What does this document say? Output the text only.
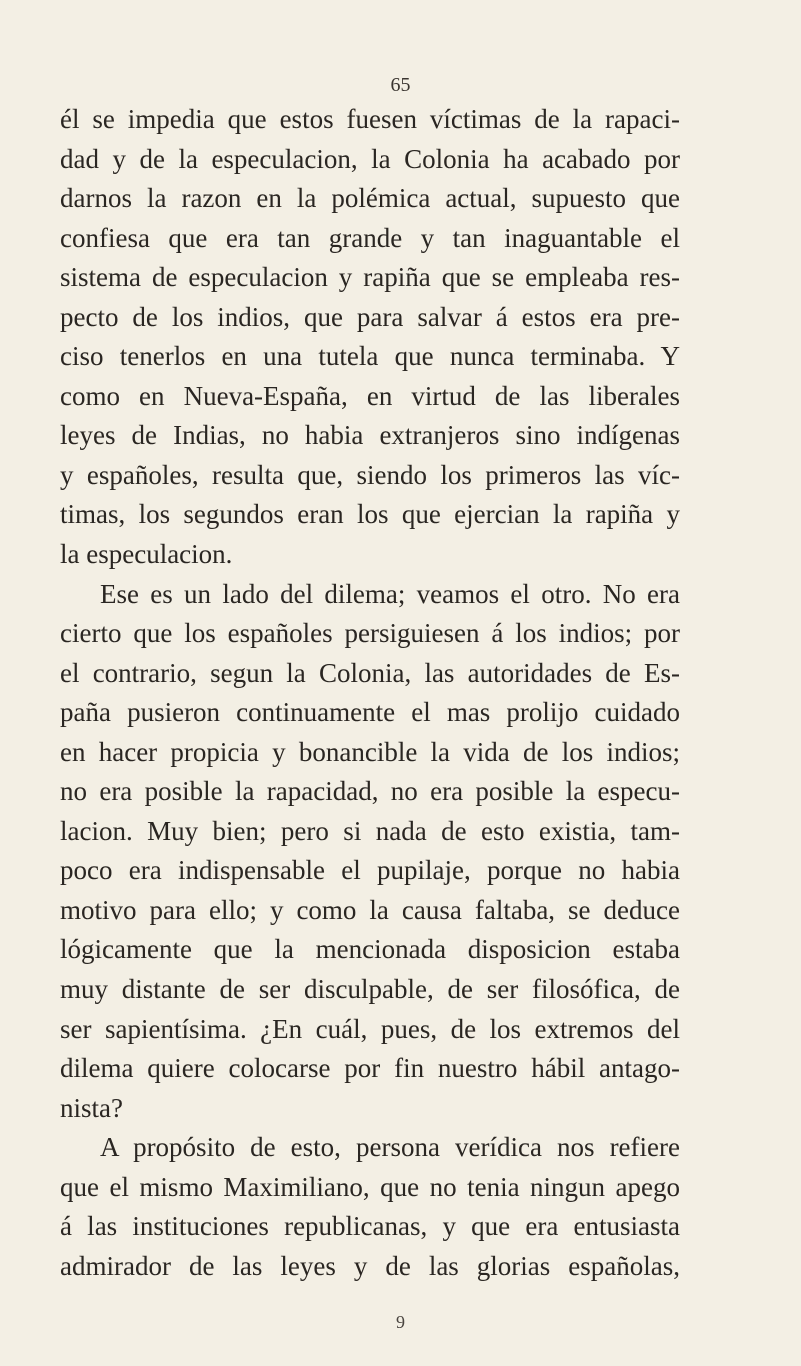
65
él se impedia que estos fuesen víctimas de la rapaci-
dad y de la especulacion, la Colonia ha acabado por
darnos la razon en la polémica actual, supuesto que
confiesa que era tan grande y tan inaguantable el
sistema de especulacion y rapiña que se empleaba res-
pecto de los indios, que para salvar á estos era pre-
ciso tenerlos en una tutela que nunca terminaba. Y
como en Nueva-España, en virtud de las liberales
leyes de Indias, no habia extranjeros sino indígenas
y españoles, resulta que, siendo los primeros las víc-
timas, los segundos eran los que ejercian la rapiña y
la especulacion.
Ese es un lado del dilema; veamos el otro. No era
cierto que los españoles persiguiesen á los indios; por
el contrario, segun la Colonia, las autoridades de Es-
paña pusieron continuamente el mas prolijo cuidado
en hacer propicia y bonancible la vida de los indios;
no era posible la rapacidad, no era posible la especu-
lacion. Muy bien; pero si nada de esto existia, tam-
poco era indispensable el pupilaje, porque no habia
motivo para ello; y como la causa faltaba, se deduce
lógicamente que la mencionada disposicion estaba
muy distante de ser disculpable, de ser filosófica, de
ser sapientísima. ¿En cuál, pues, de los extremos del
dilema quiere colocarse por fin nuestro hábil antago-
nista?
A propósito de esto, persona verídica nos refiere
que el mismo Maximiliano, que no tenia ningun apego
á las instituciones republicanas, y que era entusiasta
admirador de las leyes y de las glorias españolas,
9
